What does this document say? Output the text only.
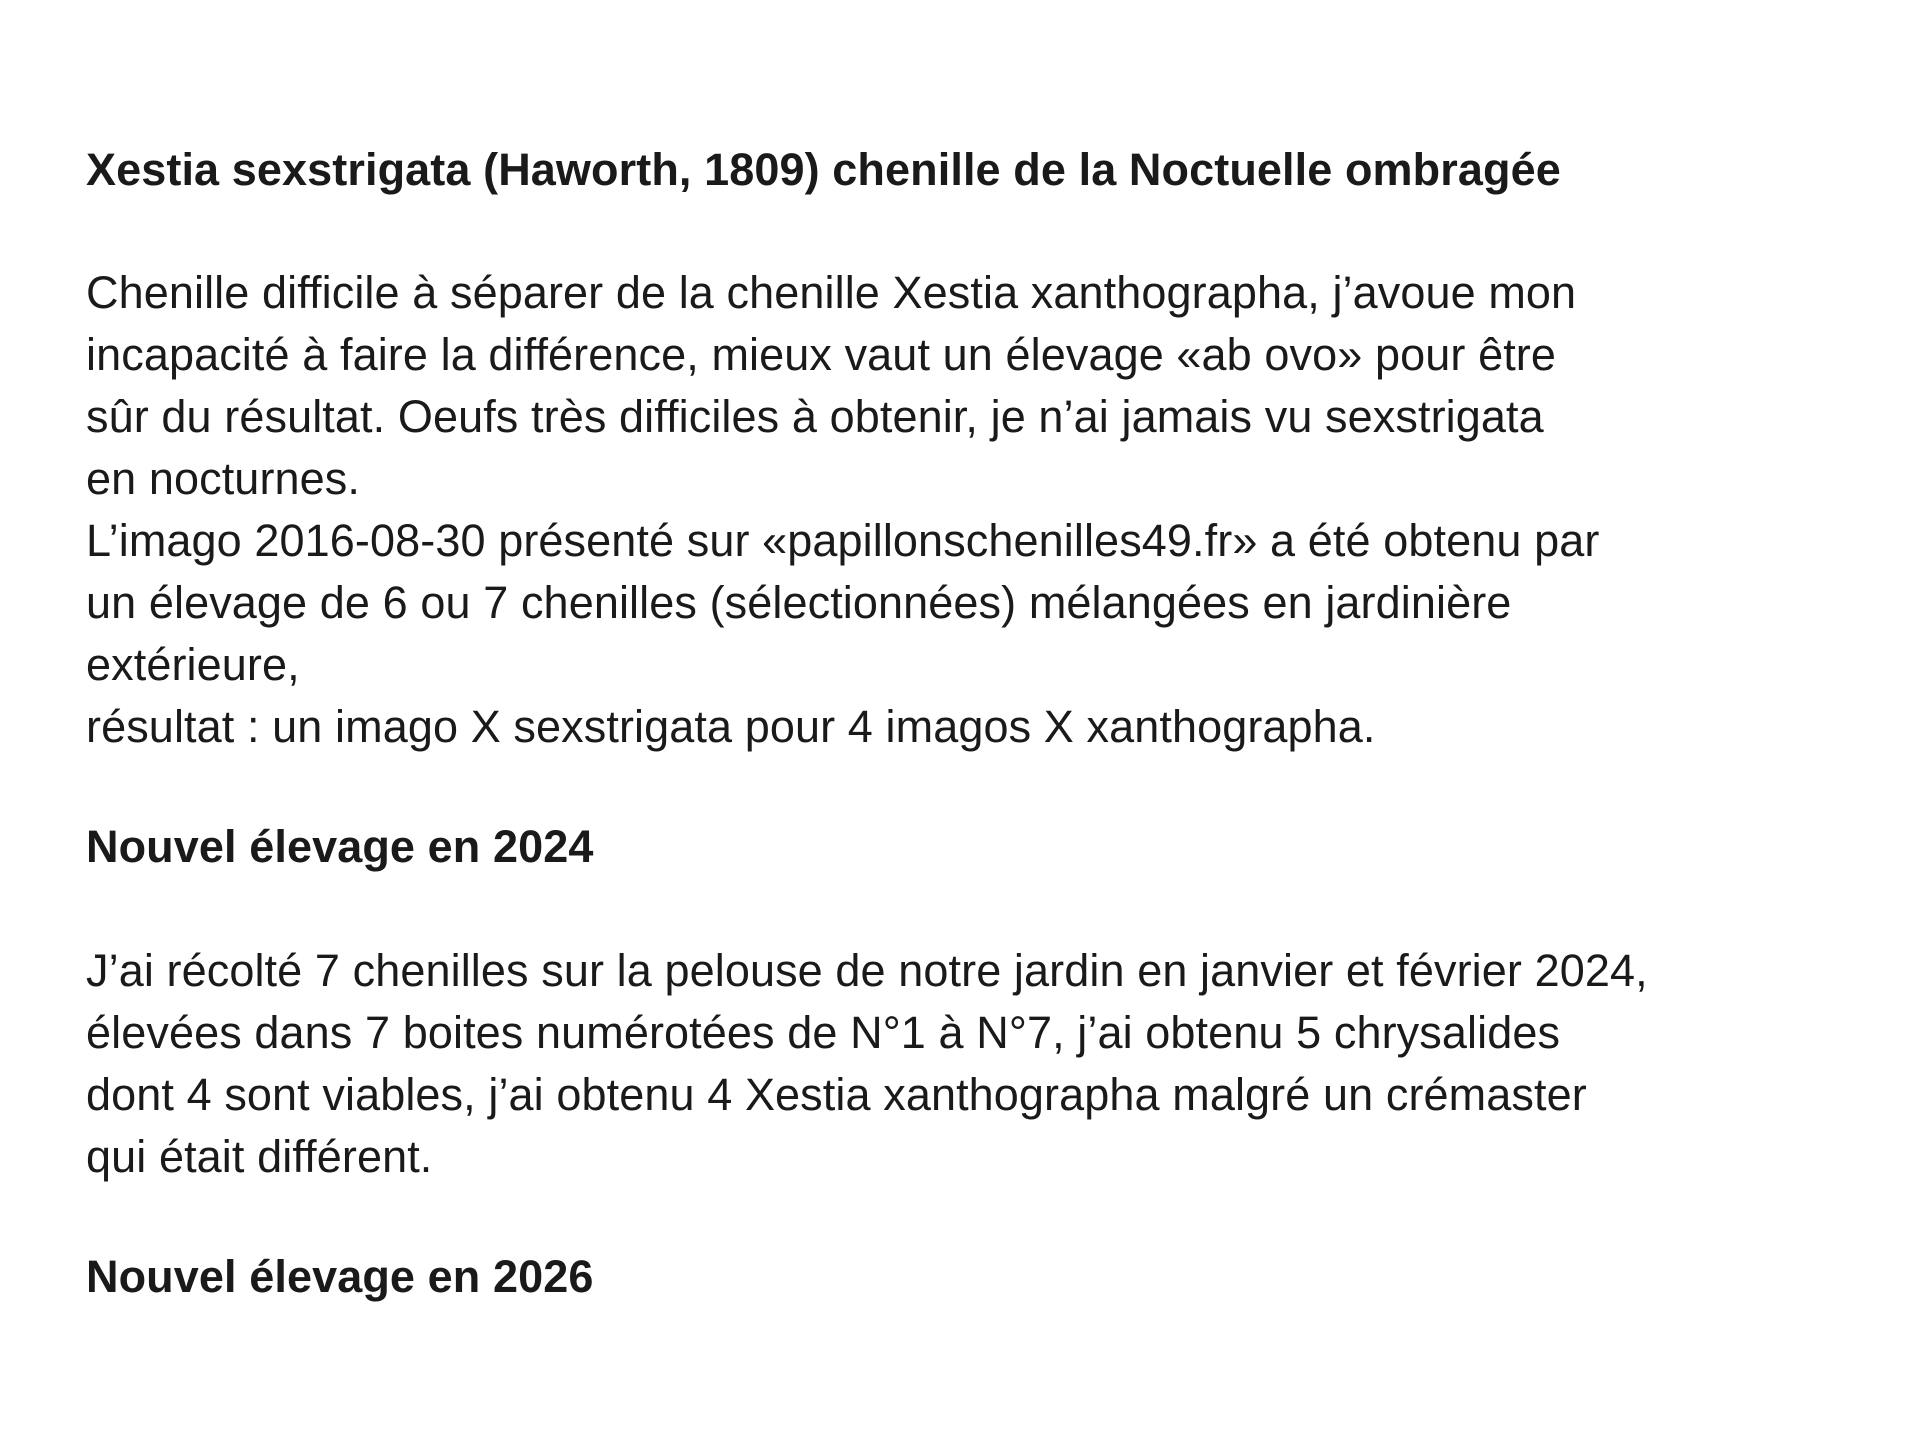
Xestia sexstrigata (Haworth, 1809) chenille de la Noctuelle ombragée
Chenille difficile à séparer de la chenille Xestia xanthographa, j’avoue mon
incapacité à faire la différence, mieux vaut un élevage «ab ovo» pour être
sûr du résultat. Oeufs très difficiles à obtenir, je n’ai jamais vu sexstrigata
en nocturnes.
L’imago 2016-08-30 présenté sur «papillonschenilles49.fr» a été obtenu par
un élevage de 6 ou 7 chenilles (sélectionnées) mélangées en jardinière
extérieure,
résultat : un imago X sexstrigata pour 4 imagos X xanthographa.
Nouvel élevage en 2024
J’ai récolté 7 chenilles sur la pelouse de notre jardin en janvier et février 2024,
élevées dans 7 boites numérotées de N°1 à N°7, j’ai obtenu 5 chrysalides
dont 4 sont viables, j’ai obtenu 4 Xestia xanthographa malgré un crémaster
qui était différent.
Nouvel élevage en 2026
